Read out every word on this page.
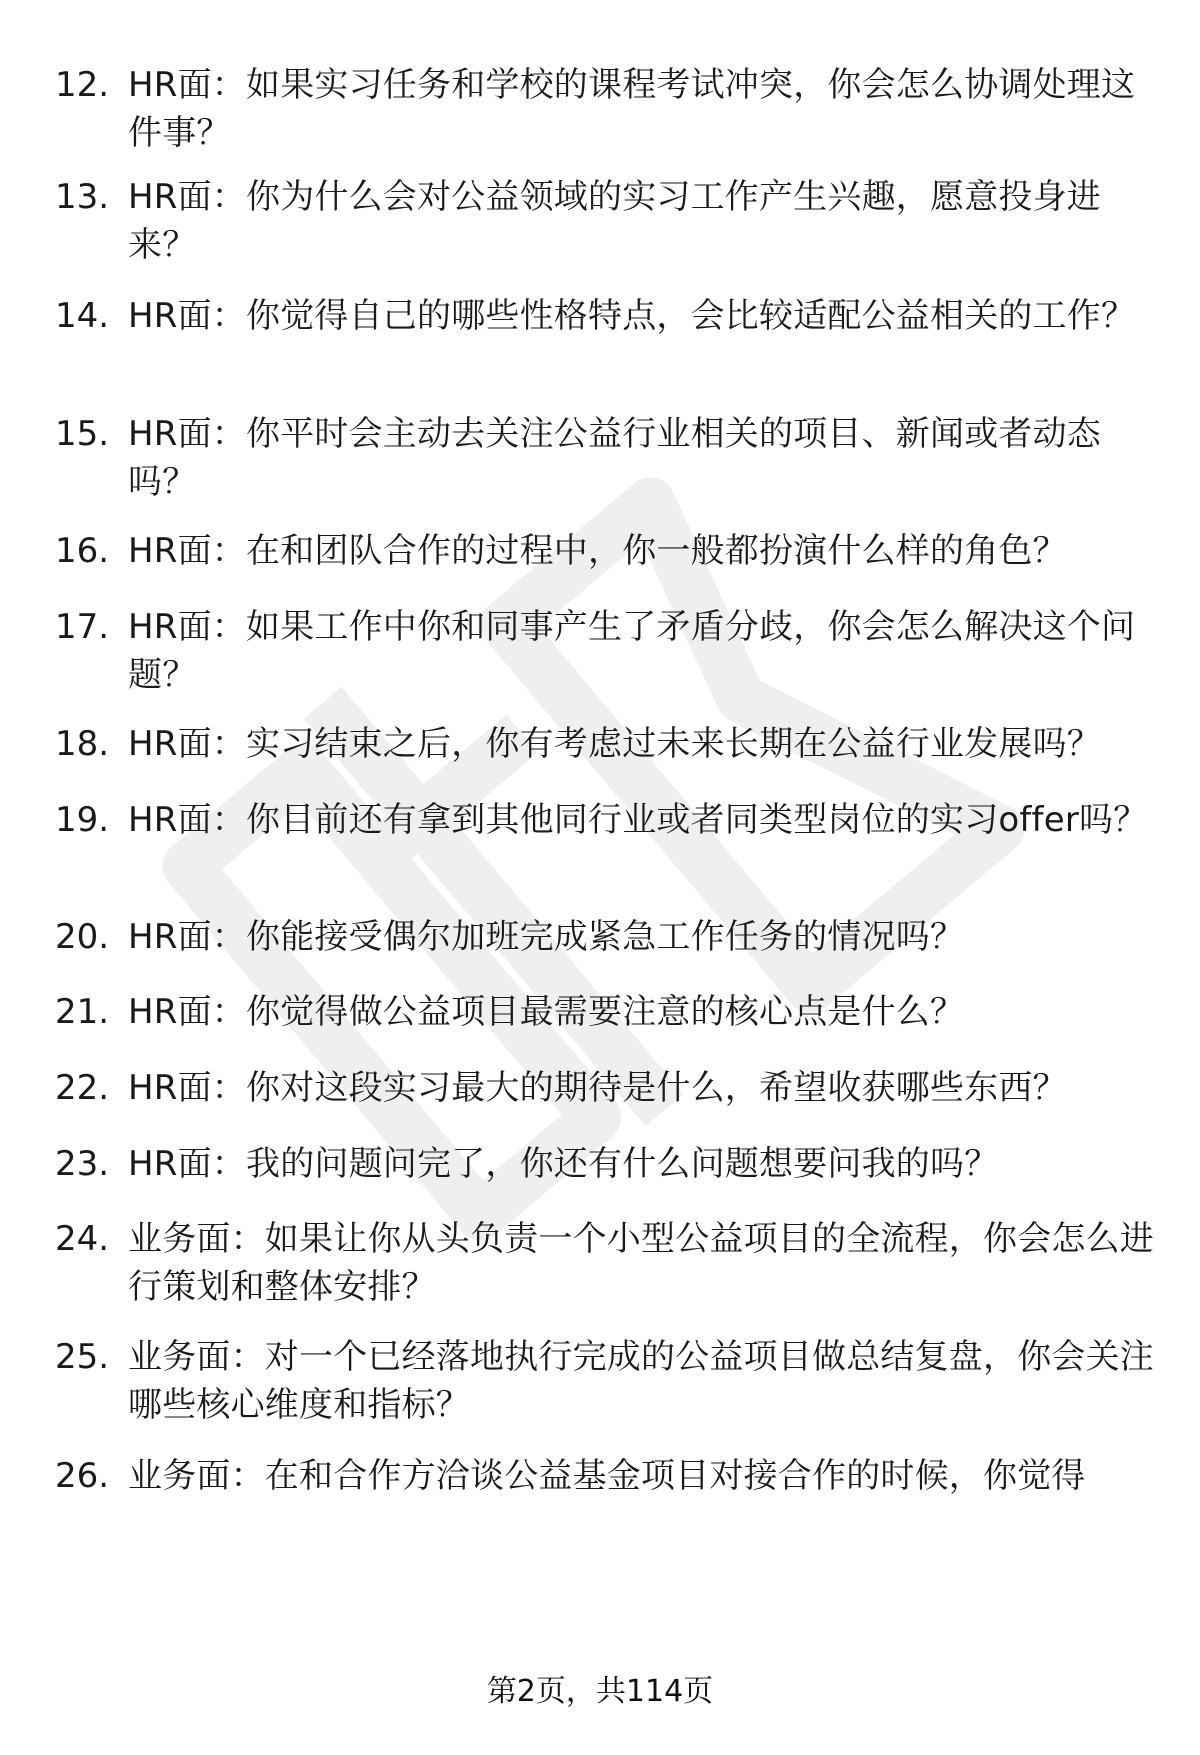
12. HR面：如果实习任务和学校的课程考试冲突，你会怎么协调处理这件事？
13. HR面：你为什么会对公益领域的实习工作产生兴趣，愿意投身进来？
14. HR面：你觉得自己的哪些性格特点，会比较适配公益相关的工作？
15. HR面：你平时会主动去关注公益行业相关的项目、新闻或者动态吗？
16. HR面：在和团队合作的过程中，你一般都扮演什么样的角色？
17. HR面：如果工作中你和同事产生了矛盾分歧，你会怎么解决这个问题？
18. HR面：实习结束之后，你有考虑过未来长期在公益行业发展吗？
19. HR面：你目前还有拿到其他同行业或者同类型岗位的实习offer吗？
20. HR面：你能接受偶尔加班完成紧急工作任务的情况吗？
21. HR面：你觉得做公益项目最需要注意的核心点是什么？
22. HR面：你对这段实习最大的期待是什么，希望收获哪些东西？
23. HR面：我的问题问完了，你还有什么问题想要问我的吗？
24. 业务面：如果让你从头负责一个小型公益项目的全流程，你会怎么进行策划和整体安排？
25. 业务面：对一个已经落地执行完成的公益项目做总结复盘，你会关注哪些核心维度和指标？
26. 业务面：在和合作方洽谈公益基金项目对接合作的时候，你觉得
第2页，共114页
